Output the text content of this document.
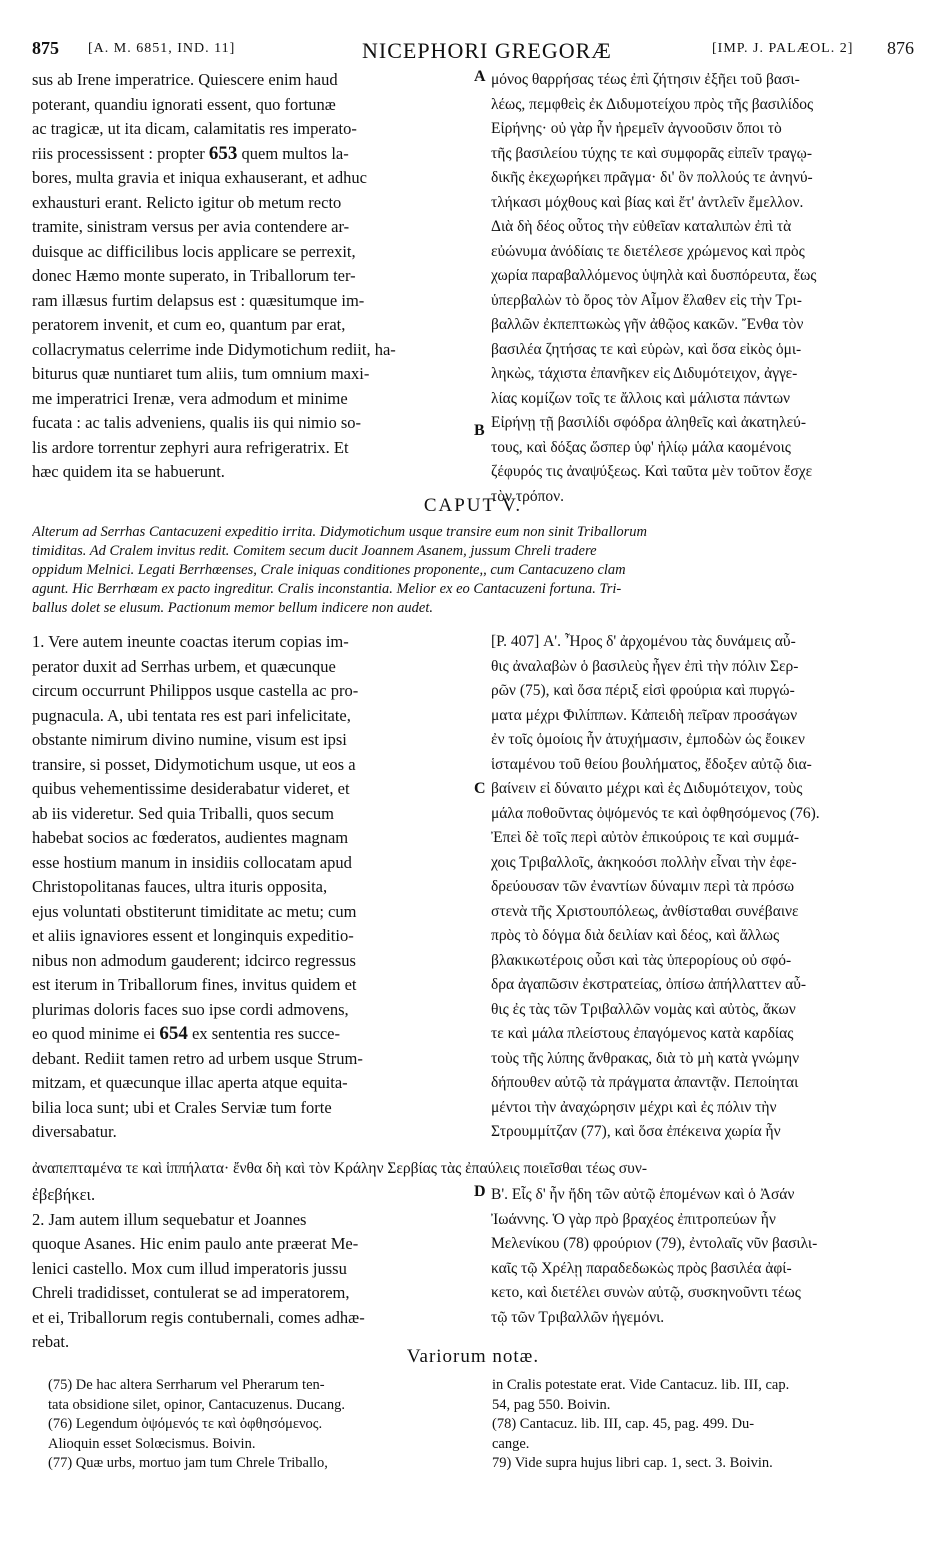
875 [A. M. 6851, IND. 11]	NICEPHORI GREGORÆ	[IMP. J. PALÆOL. 2] 876
sus ab Irene imperatrice. Quiescere enim haud
poterant, quandiu ignorati essent, quo fortunæ
ac tragicæ, ut ita dicam, calamitatis res imperato-
riis processissent : propter 653 quem multos la-
bores, multa gravia et iniqua exhauserant, et adhuc
exhausturi erant. Relicto igitur ob metum recto
tramite, sinistram versus per avia contendere ar-
duisque ac difficilibus locis applicare se perrexit,
donec Hæmo monte superato, in Triballorum ter-
ram illæsus furtim delapsus est : quæsitumque im-
peratorem invenit, et cum eo, quantum par erat,
collacrymatus celerrime inde Didymotichum rediit, ha-
biturus quæ nuntiaret tum aliis, tum omnium maxi-
me imperatrici Irenæ, vera admodum et minime
fucata : ac talis adveniens, qualis iis qui nimio so-
lis ardore torrentur zephyri aura refrigeratrix. Et
hæc quidem ita se habuerunt.
μόνος θαρρήσας τέως ἐπὶ ζήτησιν ἐξῆει τοῦ βασι-
λέως, πεμφθεὶς ἐκ Διδυμοτείχου πρὸς τῆς βασιλίδος
Εἰρήνης· οὐ γὰρ ἦν ἠρεμεῖν ἀγνοοῦσιν ὅποι τὸ
τῆς βασιλείου τύχης τε καὶ συμφορᾶς εἰπεῖν τραγῳ-
δικῆς ἐκεχωρήκει πρᾶγμα· δι' ὃν πολλούς τε ἀνηνύ-
τλήκασι μόχθους καὶ βίας καὶ ἔτ' ἀντλεῖν ἔμελλον.
Διὰ δὴ δέος οὗτος τὴν εὐθεῖαν καταλιπὼν ἐπὶ τὰ
εὐώνυμα ἀνόδίαις τε διετέλεσε χρώμενος καὶ πρὸς
χωρία παραβαλλόμενος ὑψηλὰ καὶ δυσπόρευτα, ἕως
ὑπερβαλὼν τὸ ὄρος τὸν Αἶμον ἔλαθεν εἰς τὴν Τρι-
βαλλῶν ἐκπεπτωκὼς γῆν ἀθῷος κακῶν. Ἔνθα τὸν
βασιλέα ζητήσας τε καὶ εὑρὼν, καὶ ὅσα εἰκὸς ὁμι-
ληκὼς, τάχιστα ἐπανῆκεν εἰς Διδυμότειχον, ἀγγε-
λίας κομίζων τοῖς τε ἄλλοις καὶ μάλιστα πάντων
Εἰρήνῃ τῇ βασιλίδι σφόδρα ἀληθεῖς καὶ ἀκατηλεύ-
τους, καὶ δόξας ὥσπερ ὑφ' ἡλίῳ μάλα καομένοις
ζέφυρός τις ἀναψύξεως. Καὶ ταῦτα μὲν τοῦτον ἔσχε
τὸν τρόπον.
A
B
CAPUT V.
Alterum ad Serrhas Cantacuzeni expeditio irrita. Didymotichum usque transire eum non sinit Triballorum
timiditas. Ad Cralem invitus redit. Comitem secum ducit Joannem Asanem, jussum Chreli tradere
oppidum Melnici. Legati Berrhœenses, Crale iniquas conditiones proponente,, cum Cantacuzeno clam
agunt. Hic Berrhœam ex pacto ingreditur. Cralis inconstantia. Melior ex eo Cantacuzeni fortuna. Tri-
ballus dolet se elusum. Pactionum memor bellum indicere non audet.
1. Vere autem ineunte coactas iterum copias im-
perator duxit ad Serrhas urbem, et quæcunque
circum occurrunt Philippos usque castella ac pro-
pugnacula. A, ubi tentata res est pari infelicitate,
obstante nimirum divino numine, visum est ipsi
transire, si posset, Didymotichum usque, ut eos a
quibus vehementissime desiderabatur videret, et
ab iis videretur. Sed quia Triballi, quos secum
habebat socios ac fœderatos, audientes magnam
esse hostium manum in insidiis collocatam apud
Christopolitanas fauces, ultra ituris opposita,
ejus voluntati obstiterunt timiditate ac metu; cum
et aliis ignaviores essent et longinquis expeditio-
nibus non admodum gauderent; idcirco regressus
est iterum in Triballorum fines, invitus quidem et
plurimas doloris faces suo ipse cordi admovens,
eo quod minime ei 654 ex sententia res succe-
debant. Rediit tamen retro ad urbem usque Strum-
mitzam, et quæcunque illac aperta atque equita-
bilia loca sunt; ubi et Crales Serviæ tum forte
diversabatur.
[P. 407] Α'. Ἦρος δ' ἀρχομένου τὰς δυνάμεις αὖ-
θις ἀναλαβὼν ὁ βασιλεὺς ἦγεν ἐπὶ τὴν πόλιν Σερ-
ρῶν (75), καὶ ὅσα πέριξ εἰσὶ φρούρια καὶ πυργώ-
ματα μέχρι Φιλίππων. Κἀπειδὴ πεῖραν προσάγων
ἐν τοῖς ὁμοίοις ἦν ἀτυχήμασιν, ἐμποδὼν ὡς ἔοικεν
ἱσταμένου τοῦ θείου βουλήματος, ἔδοξεν αὐτῷ δια-
βαίνειν εἰ δύναιτο μέχρι καὶ ἐς Διδυμότειχον, τοὺς
μάλα ποθοῦντας ὀψόμενός τε καὶ ὀφθησόμενος (76).
Ἐπεὶ δὲ τοῖς περὶ αὐτὸν ἐπικούροις τε καὶ συμμά-
χοις Τριβαλλοῖς, ἀκηκοόσι πολλὴν εἶναι τὴν ἐφε-
δρεύουσαν τῶν ἐναντίων δύναμιν περὶ τὰ πρόσω
στενὰ τῆς Χριστουπόλεως, ἀνθίσταθαι συνέβαινε
πρὸς τὸ δόγμα διὰ δειλίαν καὶ δέος, καὶ ἄλλως
βλακικωτέροις οὖσι καὶ τὰς ὑπερορίους οὐ σφό-
δρα ἀγαπῶσιν ἐκστρατείας, ὀπίσω ἀπήλλαττεν αὖ-
θις ἐς τὰς τῶν Τριβαλλῶν νομὰς καὶ αὐτὸς, ἄκων
τε καὶ μάλα πλείστους ἐπαγόμενος κατὰ καρδίας
τοὺς τῆς λύπης ἄνθρακας, διὰ τὸ μὴ κατὰ γνώμην
δήπουθεν αὐτῷ τὰ πράγματα ἀπαντᾷν. Πεποίηται
μέντοι τὴν ἀναχώρησιν μέχρι καὶ ἐς πόλιν τὴν
Στρουμμίτζαν (77), καὶ ὅσα ἐπέκεινα χωρία ἦν
C
ἀναπεπταμένα τε καὶ ἱππήλατα· ἔνθα δὴ καὶ τὸν Κράλην Σερβίας τὰς ἐπαύλεις ποιεῖσθαι τέως συν-
ἐβεβήκει.
2. Jam autem illum sequebatur et Joannes
quoque Asanes. Hic enim paulo ante præerat Me-
lenici castello. Mox cum illud imperatoris jussu
Chreli tradidisset, contulerat se ad imperatorem,
et ei, Triballorum regis contubernali, comes adhæ-
rebat.
Β'. Εἷς δ' ἦν ἤδη τῶν αὐτῷ ἑπομένων καὶ ὁ Ἀσάν
Ἰωάννης. Ὁ γὰρ πρὸ βραχέος ἐπιτροπεύων ἦν
Μελενίκου (78) φρούριον (79), ἐντολαῖς νῦν βασιλι-
καῖς τῷ Χρέλῃ παραδεδωκὼς πρὸς βασιλέα ἀφί-
κετο, καὶ διετέλει συνὼν αὐτῷ, συσκηνοῦντι τέως
τῷ τῶν Τριβαλλῶν ἡγεμόνι.
D
Variorum notæ.
(75) De hac altera Serrharum vel Pherarum ten-
tata obsidione silet, opinor, Cantacuzenus. Ducang.
(76) Legendum ὀψόμενός τε καὶ ὀφθησόμενος.
Alioquin esset Solœcismus. Boivin.
(77) Quæ urbs, mortuo jam tum Chrele Triballo,
in Cralis potestate erat. Vide Cantacuz. lib. III, cap.
54, pag 550. Boivin.
(78) Cantacuz. lib. III, cap. 45, pag. 499. Du-
cange.
79) Vide supra hujus libri cap. 1, sect. 3. Boivin.
